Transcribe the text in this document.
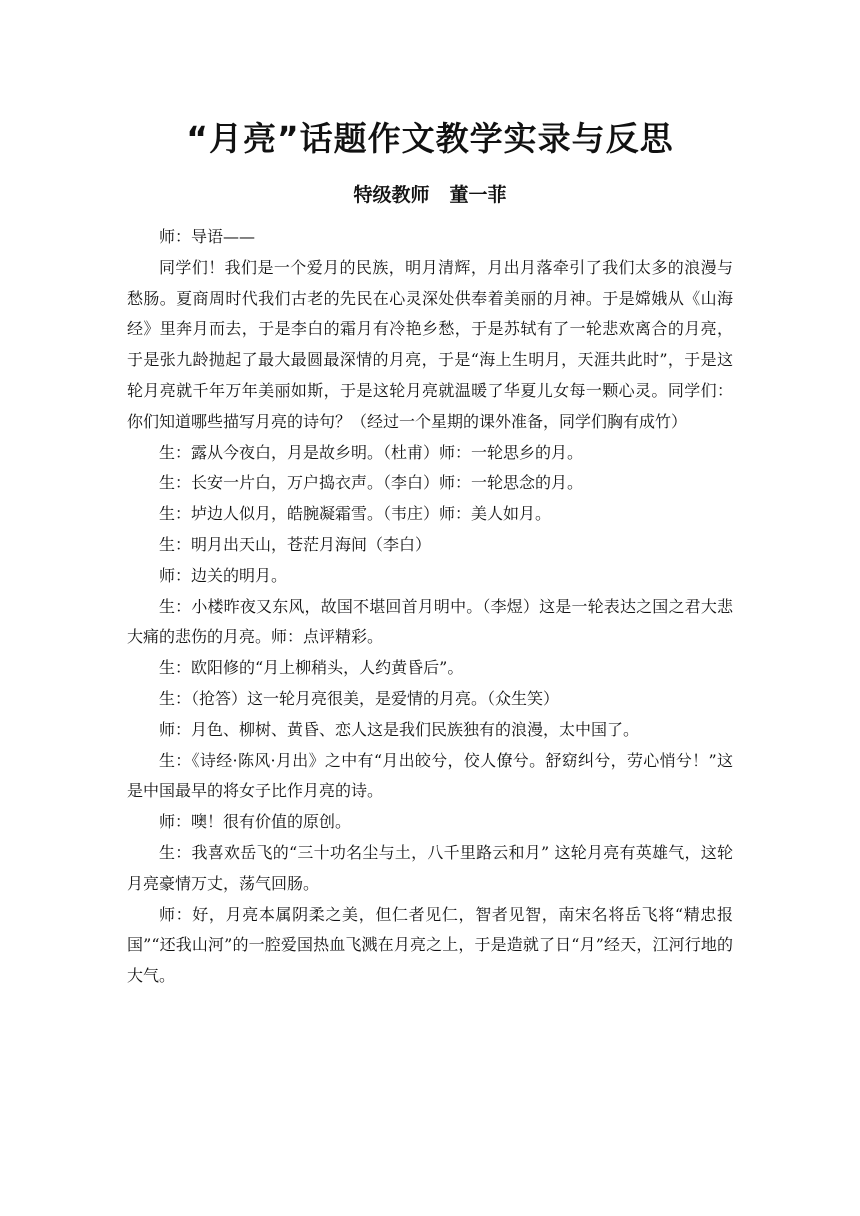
“月亮”话题作文教学实录与反思
特级教师 董一菲

师：导语——

同学们！我们是一个爱月的民族，明月清辉，月出月落牵引了我们太多的浪漫与愁肠。夏商周时代我们古老的先民在心灵深处供奉着美丽的月神。于是嫦娥从《山海经》里奔月而去，于是李白的霜月有冷艳乡愁，于是苏轼有了一轮悲欢离合的月亮，于是张九龄抛起了最大最圆最深情的月亮，于是“海上生明月，天涯共此时”，于是这轮月亮就千年万年美丽如斯，于是这轮月亮就温暖了华夏儿女每一颗心灵。同学们：你们知道哪些描写月亮的诗句？（经过一个星期的课外准备，同学们胸有成竹）

生：露从今夜白，月是故乡明。（杜甫）师：一轮思乡的月。

生：长安一片白，万户捣衣声。（李白）师：一轮思念的月。

生：垆边人似月，皓腕凝霜雪。（韦庄）师：美人如月。

生：明月出天山，苍茫月海间（李白）

师：边关的明月。

生：小楼昨夜又东风，故国不堪回首月明中。（李煜）这是一轮表达之国之君大悲大痛的悲伤的月亮。师：点评精彩。

生：欧阳修的“月上柳稍头，人约黄昏后”。

生：（抢答）这一轮月亮很美，是爱情的月亮。（众生笑）

师：月色、柳树、黄昏、恋人这是我们民族独有的浪漫，太中国了。

生：《诗经·陈风·月出》之中有“月出皎兮，佼人僚兮。舒窈纠兮，劳心悄兮！”这是中国最早的将女子比作月亮的诗。

师：噢！很有价值的原创。

生：我喜欢岳飞的“三十功名尘与土，八千里路云和月” 这轮月亮有英雄气，这轮月亮豪情万丈，荡气回肠。

师：好，月亮本属阴柔之美，但仁者见仁，智者见智，南宋名将岳飞将“精忠报国”“还我山河”的一腔爱国热血飞溅在月亮之上，于是造就了日“月”经天，江河行地的大气。
